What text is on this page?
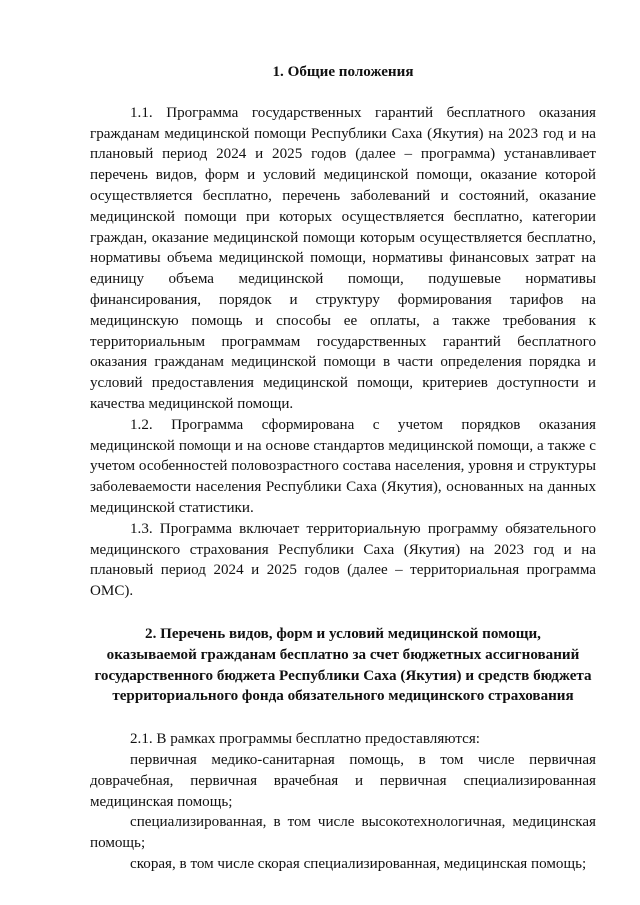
1. Общие положения

1.1. Программа государственных гарантий бесплатного оказания гражданам медицинской помощи Республики Саха (Якутия) на 2023 год и на плановый период 2024 и 2025 годов (далее – программа) устанавливает перечень видов, форм и условий медицинской помощи, оказание которой осуществляется бесплатно, перечень заболеваний и состояний, оказание медицинской помощи при которых осуществляется бесплатно, категории граждан, оказание медицинской помощи которым осуществляется бесплатно, нормативы объема медицинской помощи, нормативы финансовых затрат на единицу объема медицинской помощи, подушевые нормативы финансирования, порядок и структуру формирования тарифов на медицинскую помощь и способы ее оплаты, а также требования к территориальным программам государственных гарантий бесплатного оказания гражданам медицинской помощи в части определения порядка и условий предоставления медицинской помощи, критериев доступности и качества медицинской помощи.

1.2. Программа сформирована с учетом порядков оказания медицинской помощи и на основе стандартов медицинской помощи, а также с учетом особенностей половозрастного состава населения, уровня и структуры заболеваемости населения Республики Саха (Якутия), основанных на данных медицинской статистики.

1.3. Программа включает территориальную программу обязательного медицинского страхования Республики Саха (Якутия) на 2023 год и на плановый период 2024 и 2025 годов (далее – территориальная программа ОМС).

2. Перечень видов, форм и условий медицинской помощи,
оказываемой гражданам бесплатно за счет бюджетных ассигнований
государственного бюджета Республики Саха (Якутия) и средств бюджета
территориального фонда обязательного медицинского страхования

2.1. В рамках программы бесплатно предоставляются:

первичная медико-санитарная помощь, в том числе первичная доврачебная, первичная врачебная и первичная специализированная медицинская помощь;

специализированная, в том числе высокотехнологичная, медицинская помощь;

скорая, в том числе скорая специализированная, медицинская помощь;
